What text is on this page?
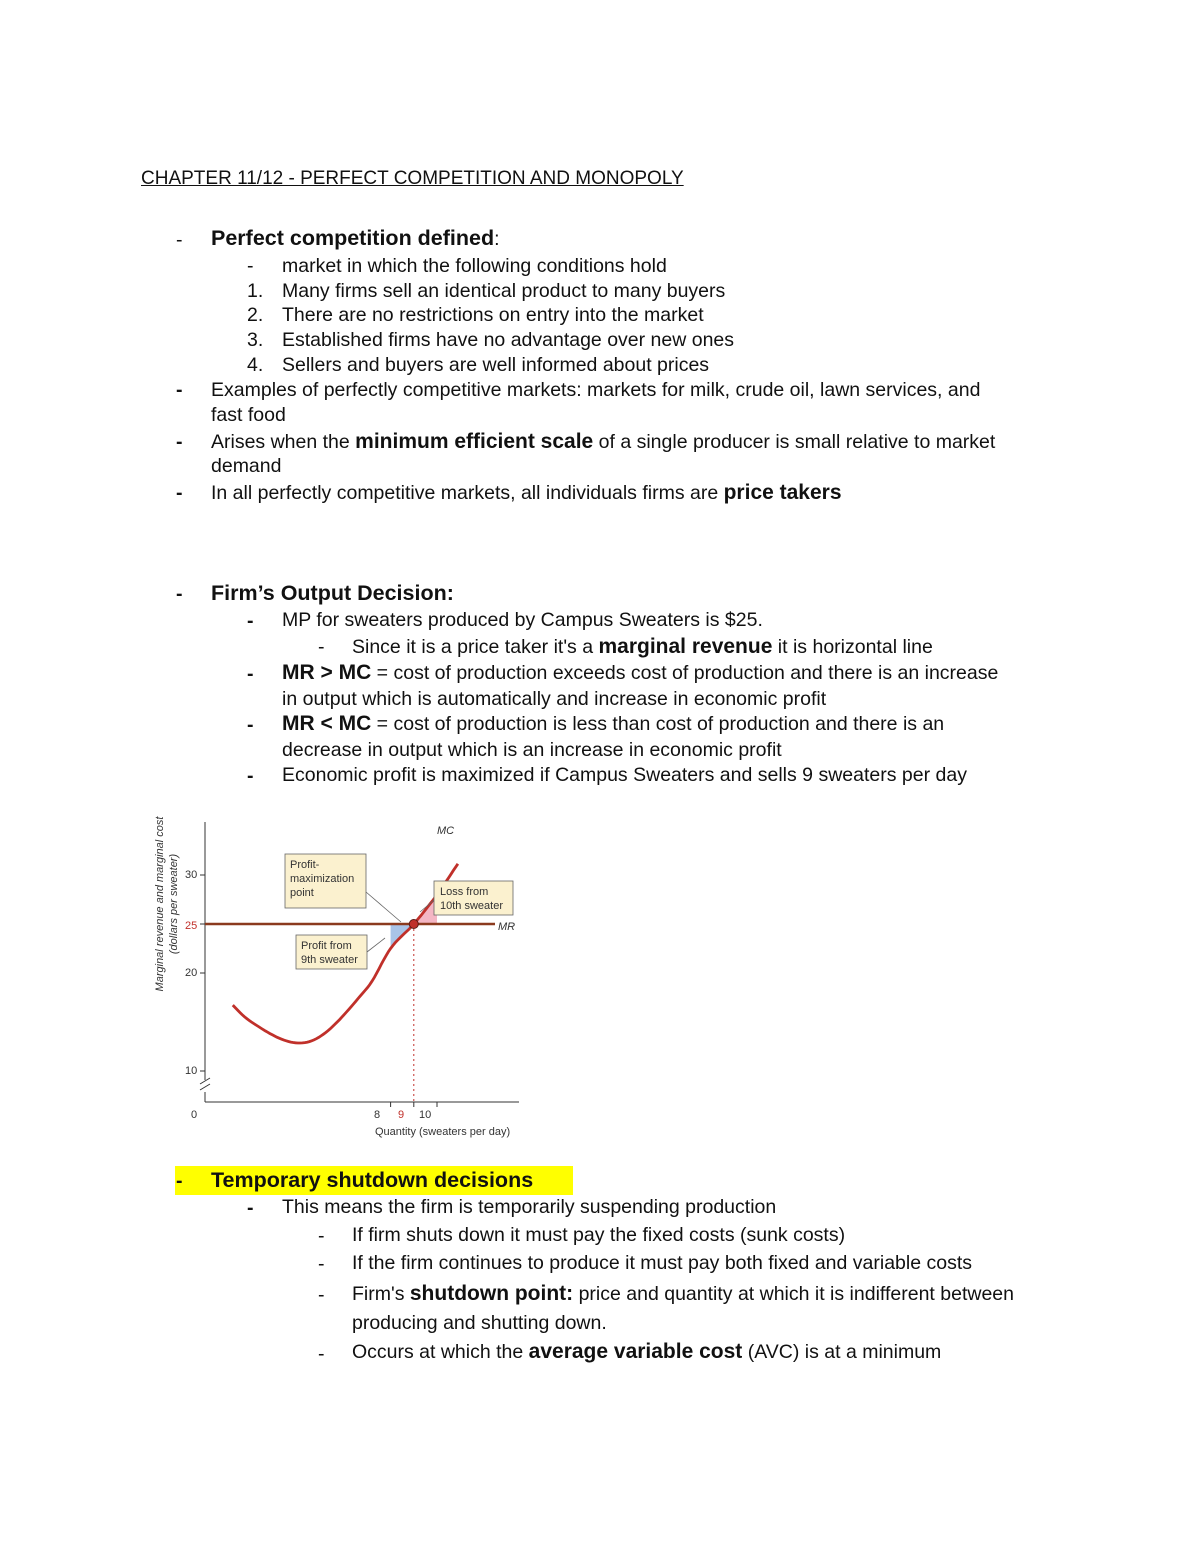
CHAPTER 11/12 - PERFECT COMPETITION AND MONOPOLY
- Perfect competition defined:
- market in which the following conditions hold
1. Many firms sell an identical product to many buyers
2. There are no restrictions on entry into the market
3. Established firms have no advantage over new ones
4. Sellers and buyers are well informed about prices
- Examples of perfectly competitive markets: markets for milk, crude oil, lawn services, and
fast food
- Arises when the minimum efficient scale of a single producer is small relative to market
demand
- In all perfectly competitive markets, all individuals firms are price takers
- Firm’s Output Decision:
- MP for sweaters produced by Campus Sweaters is $25.
- Since it is a price taker it's a marginal revenue it is horizontal line
- MR > MC = cost of production exceeds cost of production and there is an increase
in output which is automatically and increase in economic profit
- MR < MC = cost of production is less than cost of production and there is an
decrease in output which is an increase in economic profit
- Economic profit is maximized if Campus Sweaters and sells 9 sweaters per day
Marginal revenue and marginal cost (dollars per sweater)
Quantity (sweaters per day)
0
MC
MR
30
25
20
10
8 9 10
Profit-
maximization
point	Loss from
10th sweater
Profit from
9th sweater
- Temporary shutdown decisions
- This means the firm is temporarily suspending production
- If firm shuts down it must pay the fixed costs (sunk costs)
- If the firm continues to produce it must pay both fixed and variable costs
- Firm's shutdown point: price and quantity at which it is indifferent between
producing and shutting down.
- Occurs at which the average variable cost (AVC) is at a minimum
